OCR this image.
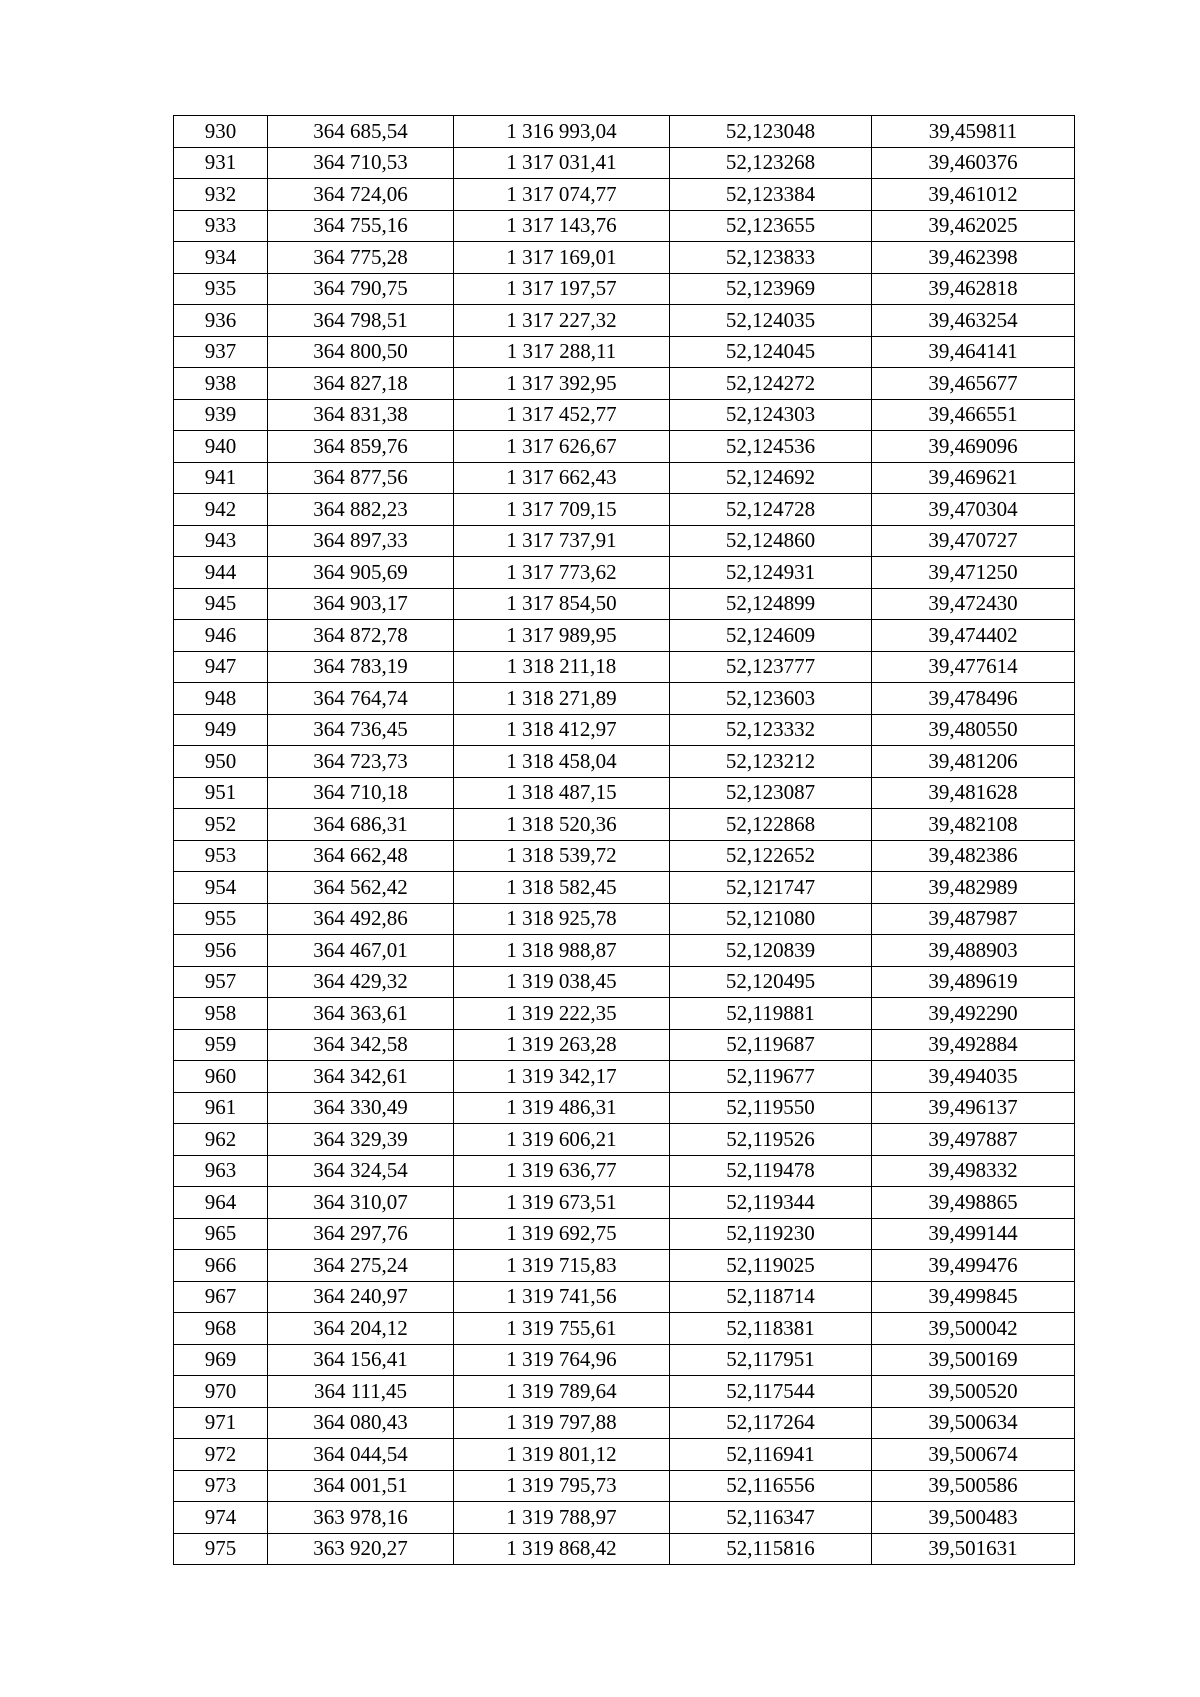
930	364 685,54	1 316 993,04	52,123048	39,459811
931	364 710,53	1 317 031,41	52,123268	39,460376
932	364 724,06	1 317 074,77	52,123384	39,461012
933	364 755,16	1 317 143,76	52,123655	39,462025
934	364 775,28	1 317 169,01	52,123833	39,462398
935	364 790,75	1 317 197,57	52,123969	39,462818
936	364 798,51	1 317 227,32	52,124035	39,463254
937	364 800,50	1 317 288,11	52,124045	39,464141
938	364 827,18	1 317 392,95	52,124272	39,465677
939	364 831,38	1 317 452,77	52,124303	39,466551
940	364 859,76	1 317 626,67	52,124536	39,469096
941	364 877,56	1 317 662,43	52,124692	39,469621
942	364 882,23	1 317 709,15	52,124728	39,470304
943	364 897,33	1 317 737,91	52,124860	39,470727
944	364 905,69	1 317 773,62	52,124931	39,471250
945	364 903,17	1 317 854,50	52,124899	39,472430
946	364 872,78	1 317 989,95	52,124609	39,474402
947	364 783,19	1 318 211,18	52,123777	39,477614
948	364 764,74	1 318 271,89	52,123603	39,478496
949	364 736,45	1 318 412,97	52,123332	39,480550
950	364 723,73	1 318 458,04	52,123212	39,481206
951	364 710,18	1 318 487,15	52,123087	39,481628
952	364 686,31	1 318 520,36	52,122868	39,482108
953	364 662,48	1 318 539,72	52,122652	39,482386
954	364 562,42	1 318 582,45	52,121747	39,482989
955	364 492,86	1 318 925,78	52,121080	39,487987
956	364 467,01	1 318 988,87	52,120839	39,488903
957	364 429,32	1 319 038,45	52,120495	39,489619
958	364 363,61	1 319 222,35	52,119881	39,492290
959	364 342,58	1 319 263,28	52,119687	39,492884
960	364 342,61	1 319 342,17	52,119677	39,494035
961	364 330,49	1 319 486,31	52,119550	39,496137
962	364 329,39	1 319 606,21	52,119526	39,497887
963	364 324,54	1 319 636,77	52,119478	39,498332
964	364 310,07	1 319 673,51	52,119344	39,498865
965	364 297,76	1 319 692,75	52,119230	39,499144
966	364 275,24	1 319 715,83	52,119025	39,499476
967	364 240,97	1 319 741,56	52,118714	39,499845
968	364 204,12	1 319 755,61	52,118381	39,500042
969	364 156,41	1 319 764,96	52,117951	39,500169
970	364 111,45	1 319 789,64	52,117544	39,500520
971	364 080,43	1 319 797,88	52,117264	39,500634
972	364 044,54	1 319 801,12	52,116941	39,500674
973	364 001,51	1 319 795,73	52,116556	39,500586
974	363 978,16	1 319 788,97	52,116347	39,500483
975	363 920,27	1 319 868,42	52,115816	39,501631
